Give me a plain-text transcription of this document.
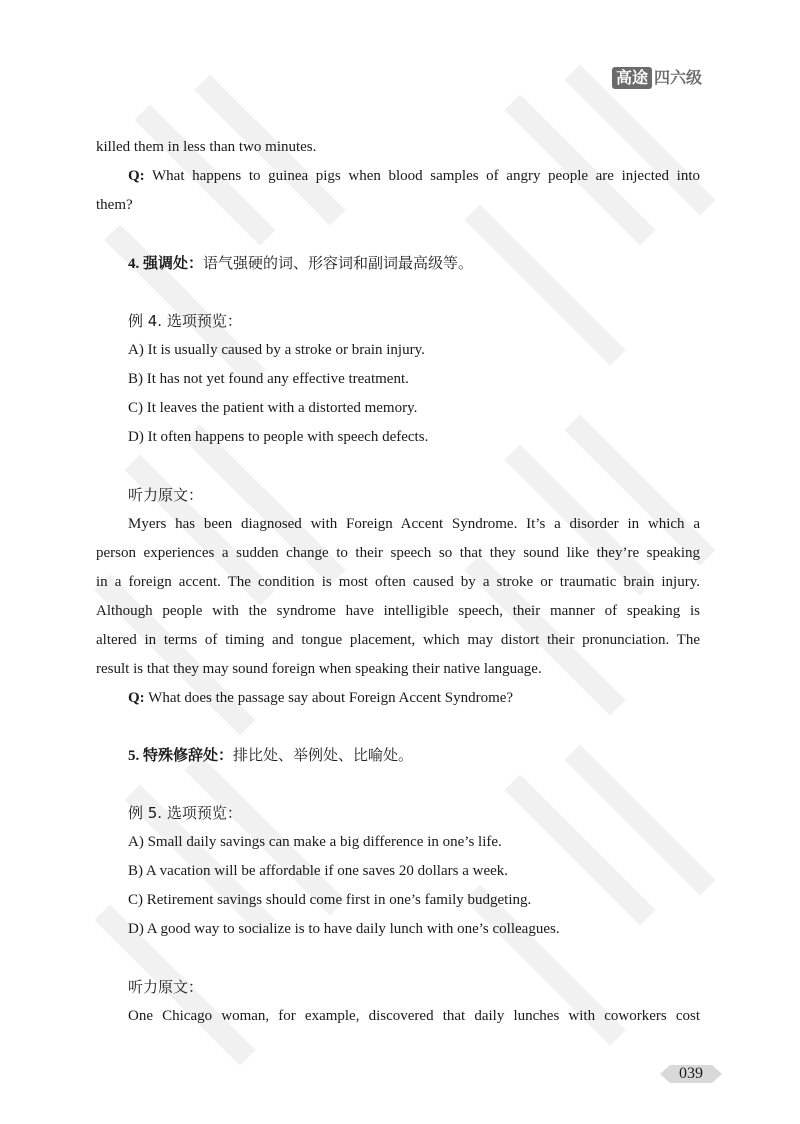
高途 四六级
killed them in less than two minutes.
Q: What happens to guinea pigs when blood samples of angry people are injected into
them?
4. 强调处：语气强硬的词、形容词和副词最高级等。
例 4. 选项预览：
A) It is usually caused by a stroke or brain injury.
B) It has not yet found any effective treatment.
C) It leaves the patient with a distorted memory.
D) It often happens to people with speech defects.
听力原文：
Myers has been diagnosed with Foreign Accent Syndrome. It’s a disorder in which a
person experiences a sudden change to their speech so that they sound like they’re speaking
in a foreign accent. The condition is most often caused by a stroke or traumatic brain injury.
Although people with the syndrome have intelligible speech, their manner of speaking is
altered in terms of timing and tongue placement, which may distort their pronunciation. The
result is that they may sound foreign when speaking their native language.
Q: What does the passage say about Foreign Accent Syndrome?
5. 特殊修辞处：排比处、举例处、比喻处。
例 5. 选项预览：
A) Small daily savings can make a big difference in one’s life.
B) A vacation will be affordable if one saves 20 dollars a week.
C) Retirement savings should come first in one’s family budgeting.
D) A good way to socialize is to have daily lunch with one’s colleagues.
听力原文：
One Chicago woman, for example, discovered that daily lunches with coworkers cost
039
